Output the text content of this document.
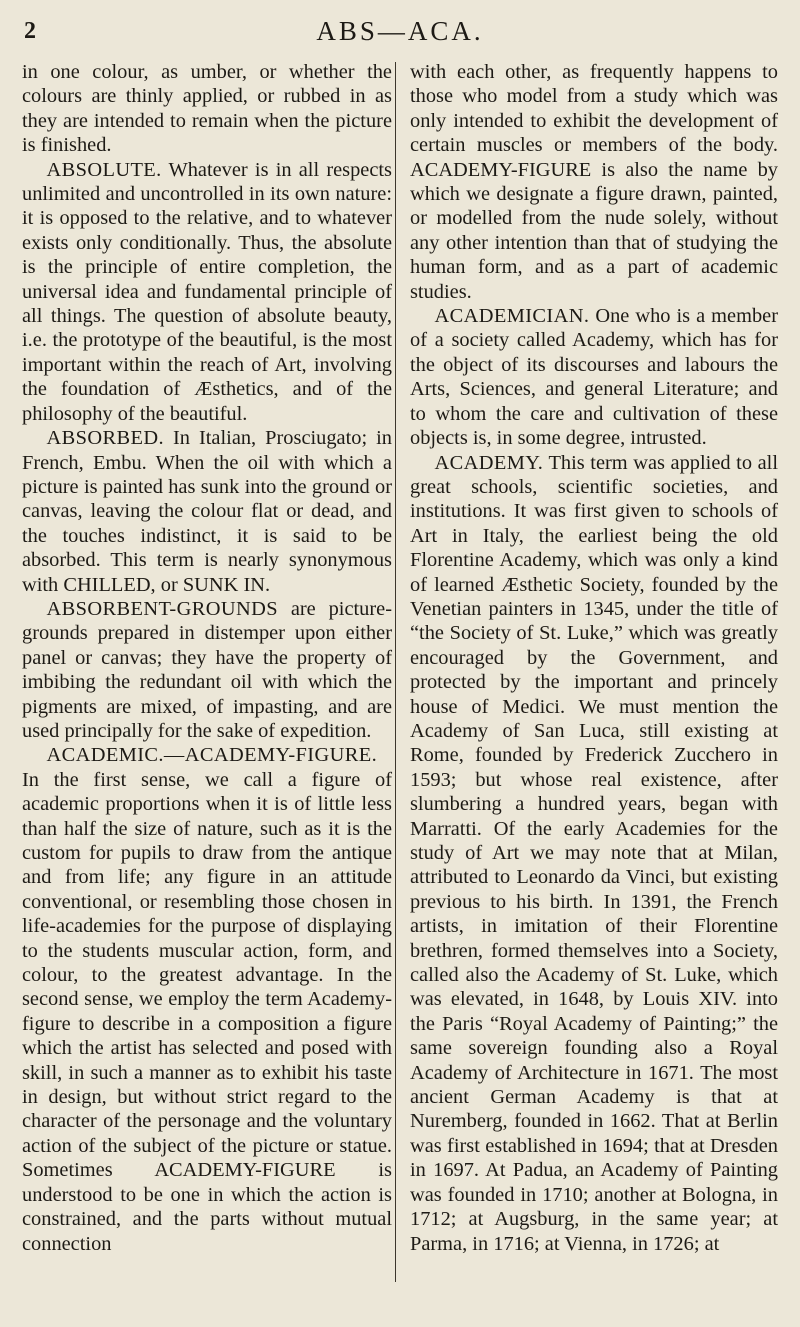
2	ABS—ACA.

in one colour, as umber, or whether the colours are thinly applied, or rubbed in as they are intended to remain when the picture is finished.

ABSOLUTE. Whatever is in all respects unlimited and uncontrolled in its own nature: it is opposed to the relative, and to whatever exists only conditionally. Thus, the absolute is the principle of entire completion, the universal idea and fundamental principle of all things. The question of absolute beauty, i.e. the prototype of the beautiful, is the most important within the reach of Art, involving the foundation of Æsthetics, and of the philosophy of the beautiful.

ABSORBED. In Italian, Prosciugato; in French, Embu. When the oil with which a picture is painted has sunk into the ground or canvas, leaving the colour flat or dead, and the touches indistinct, it is said to be absorbed. This term is nearly synonymous with CHILLED, or SUNK IN.

ABSORBENT-GROUNDS are picture-grounds prepared in distemper upon either panel or canvas; they have the property of imbibing the redundant oil with which the pigments are mixed, of impasting, and are used principally for the sake of expedition.

ACADEMIC.—ACADEMY-FIGURE. In the first sense, we call a figure of academic proportions when it is of little less than half the size of nature, such as it is the custom for pupils to draw from the antique and from life; any figure in an attitude conventional, or resembling those chosen in life-academies for the purpose of displaying to the students muscular action, form, and colour, to the greatest advantage. In the second sense, we employ the term Academy-figure to describe in a composition a figure which the artist has selected and posed with skill, in such a manner as to exhibit his taste in design, but without strict regard to the character of the personage and the voluntary action of the subject of the picture or statue. Sometimes ACADEMY-FIGURE is understood to be one in which the action is constrained, and the parts without mutual connection

with each other, as frequently happens to those who model from a study which was only intended to exhibit the development of certain muscles or members of the body. ACADEMY-FIGURE is also the name by which we designate a figure drawn, painted, or modelled from the nude solely, without any other intention than that of studying the human form, and as a part of academic studies.

ACADEMICIAN. One who is a member of a society called Academy, which has for the object of its discourses and labours the Arts, Sciences, and general Literature; and to whom the care and cultivation of these objects is, in some degree, intrusted.

ACADEMY. This term was applied to all great schools, scientific societies, and institutions. It was first given to schools of Art in Italy, the earliest being the old Florentine Academy, which was only a kind of learned Æsthetic Society, founded by the Venetian painters in 1345, under the title of “the Society of St. Luke,” which was greatly encouraged by the Government, and protected by the important and princely house of Medici. We must mention the Academy of San Luca, still existing at Rome, founded by Frederick Zucchero in 1593; but whose real existence, after slumbering a hundred years, began with Marratti. Of the early Academies for the study of Art we may note that at Milan, attributed to Leonardo da Vinci, but existing previous to his birth. In 1391, the French artists, in imitation of their Florentine brethren, formed themselves into a Society, called also the Academy of St. Luke, which was elevated, in 1648, by Louis XIV. into the Paris “Royal Academy of Painting;” the same sovereign founding also a Royal Academy of Architecture in 1671. The most ancient German Academy is that at Nuremberg, founded in 1662. That at Berlin was first established in 1694; that at Dresden in 1697. At Padua, an Academy of Painting was founded in 1710; another at Bologna, in 1712; at Augsburg, in the same year; at Parma, in 1716; at Vienna, in 1726; at
